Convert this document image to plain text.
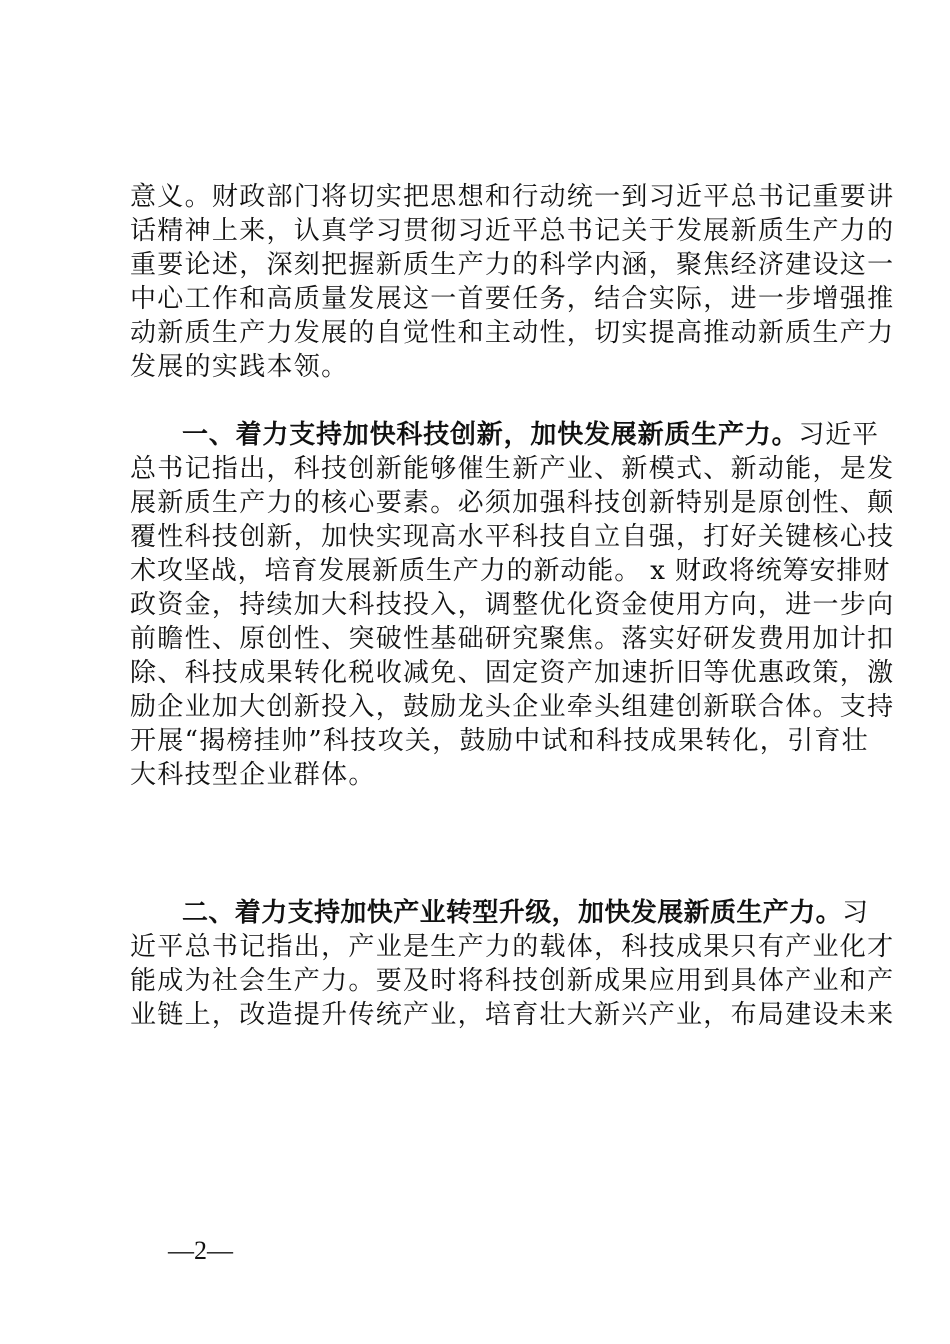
意义。财政部门将切实把思想和行动统一到习近平总书记重要讲
话精神上来，认真学习贯彻习近平总书记关于发展新质生产力的
重要论述，深刻把握新质生产力的科学内涵，聚焦经济建设这一
中心工作和高质量发展这一首要任务，结合实际，进一步增强推
动新质生产力发展的自觉性和主动性，切实提高推动新质生产力
发展的实践本领。

一、着力支持加快科技创新，加快发展新质生产力。习近平
总书记指出，科技创新能够催生新产业、新模式、新动能，是发
展新质生产力的核心要素。必须加强科技创新特别是原创性、颠
覆性科技创新，加快实现高水平科技自立自强，打好关键核心技
术攻坚战，培育发展新质生产力的新动能。 x 财政将统筹安排财
政资金，持续加大科技投入，调整优化资金使用方向，进一步向
前瞻性、原创性、突破性基础研究聚焦。落实好研发费用加计扣
除、科技成果转化税收减免、固定资产加速折旧等优惠政策，激
励企业加大创新投入，鼓励龙头企业牵头组建创新联合体。支持
开展“揭榜挂帅”科技攻关，鼓励中试和科技成果转化，引育壮
大科技型企业群体。

二、着力支持加快产业转型升级，加快发展新质生产力。习
近平总书记指出，产业是生产力的载体，科技成果只有产业化才
能成为社会生产力。要及时将科技创新成果应用到具体产业和产
业链上，改造提升传统产业，培育壮大新兴产业，布局建设未来

—2—
